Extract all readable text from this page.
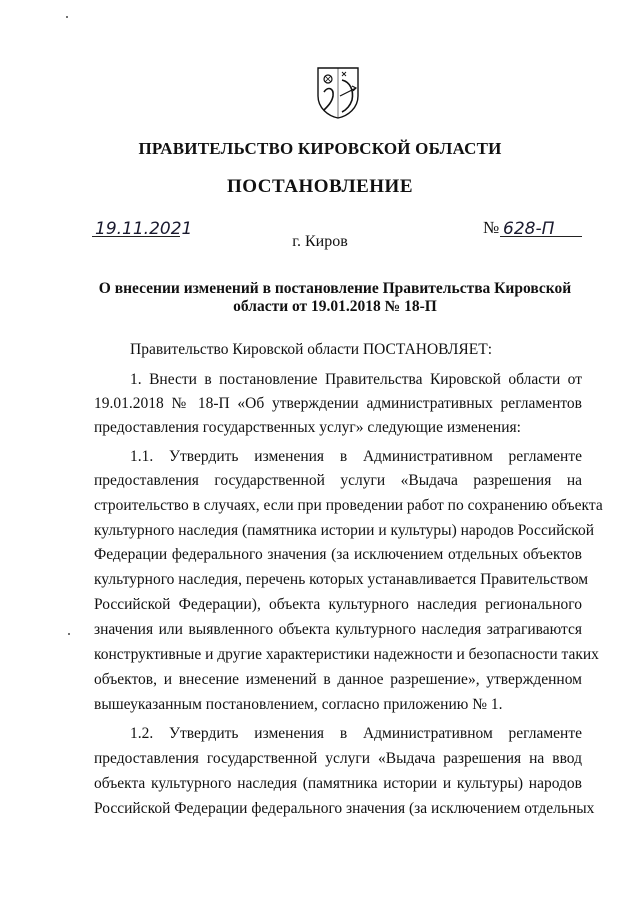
ПРАВИТЕЛЬСТВО КИРОВСКОЙ ОБЛАСТИ
ПОСТАНОВЛЕНИЕ
19.11.2021	№ 628-П
г. Киров
О внесении изменений в постановление Правительства Кировской
области от 19.01.2018 № 18-П
Правительство Кировской области ПОСТАНОВЛЯЕТ:
1. Внести в постановление Правительства Кировской области от
19.01.2018 № 18-П «Об утверждении административных регламентов
предоставления государственных услуг» следующие изменения:
1.1. Утвердить изменения в Административном регламенте
предоставления государственной услуги «Выдача разрешения на
строительство в случаях, если при проведении работ по сохранению объекта
культурного наследия (памятника истории и культуры) народов Российской
Федерации федерального значения (за исключением отдельных объектов
культурного наследия, перечень которых устанавливается Правительством
Российской Федерации), объекта культурного наследия регионального
значения или выявленного объекта культурного наследия затрагиваются
конструктивные и другие характеристики надежности и безопасности таких
объектов, и внесение изменений в данное разрешение», утвержденном
вышеуказанным постановлением, согласно приложению № 1.
1.2. Утвердить изменения в Административном регламенте
предоставления государственной услуги «Выдача разрешения на ввод
объекта культурного наследия (памятника истории и культуры) народов
Российской Федерации федерального значения (за исключением отдельных
